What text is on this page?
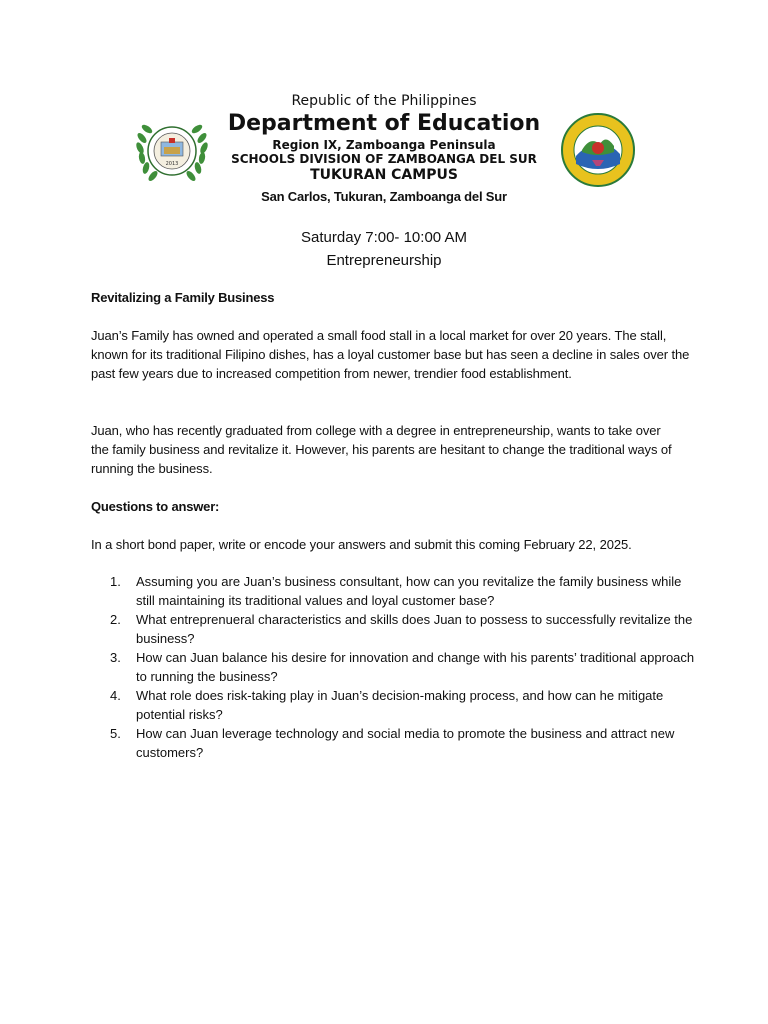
2013

Republic of the Philippines

Department of Education

Region IX, Zamboanga Peninsula

SCHOOLS DIVISION OF ZAMBOANGA DEL SUR

TUKURAN CAMPUS

San Carlos, Tukuran, Zamboanga del Sur

Saturday 7:00- 10:00 AM
Entrepreneurship
Revitalizing a Family Business
Juan’s Family has owned and operated a small food stall in a local market for over 20 years. The stall, known for its traditional Filipino dishes, has a loyal customer base but has seen a decline in sales over the past few years due to increased competition from newer, trendier food establishment.
Juan, who has recently graduated from college with a degree in entrepreneurship, wants to take over the family business and revitalize it. However, his parents are hesitant to change the traditional ways of running the business.
Questions to answer:
In a short bond paper, write or encode your answers and submit this coming February 22, 2025.
1. Assuming you are Juan’s business consultant, how can you revitalize the family business while still maintaining its traditional values and loyal customer base?
2. What entreprenueral characteristics and skills does Juan to possess to successfully revitalize the business?
3. How can Juan balance his desire for innovation and change with his parents’ traditional approach to running the business?
4. What role does risk-taking play in Juan’s decision-making process, and how can he mitigate potential risks?
5. How can Juan leverage technology and social media to promote the business and attract new customers?
